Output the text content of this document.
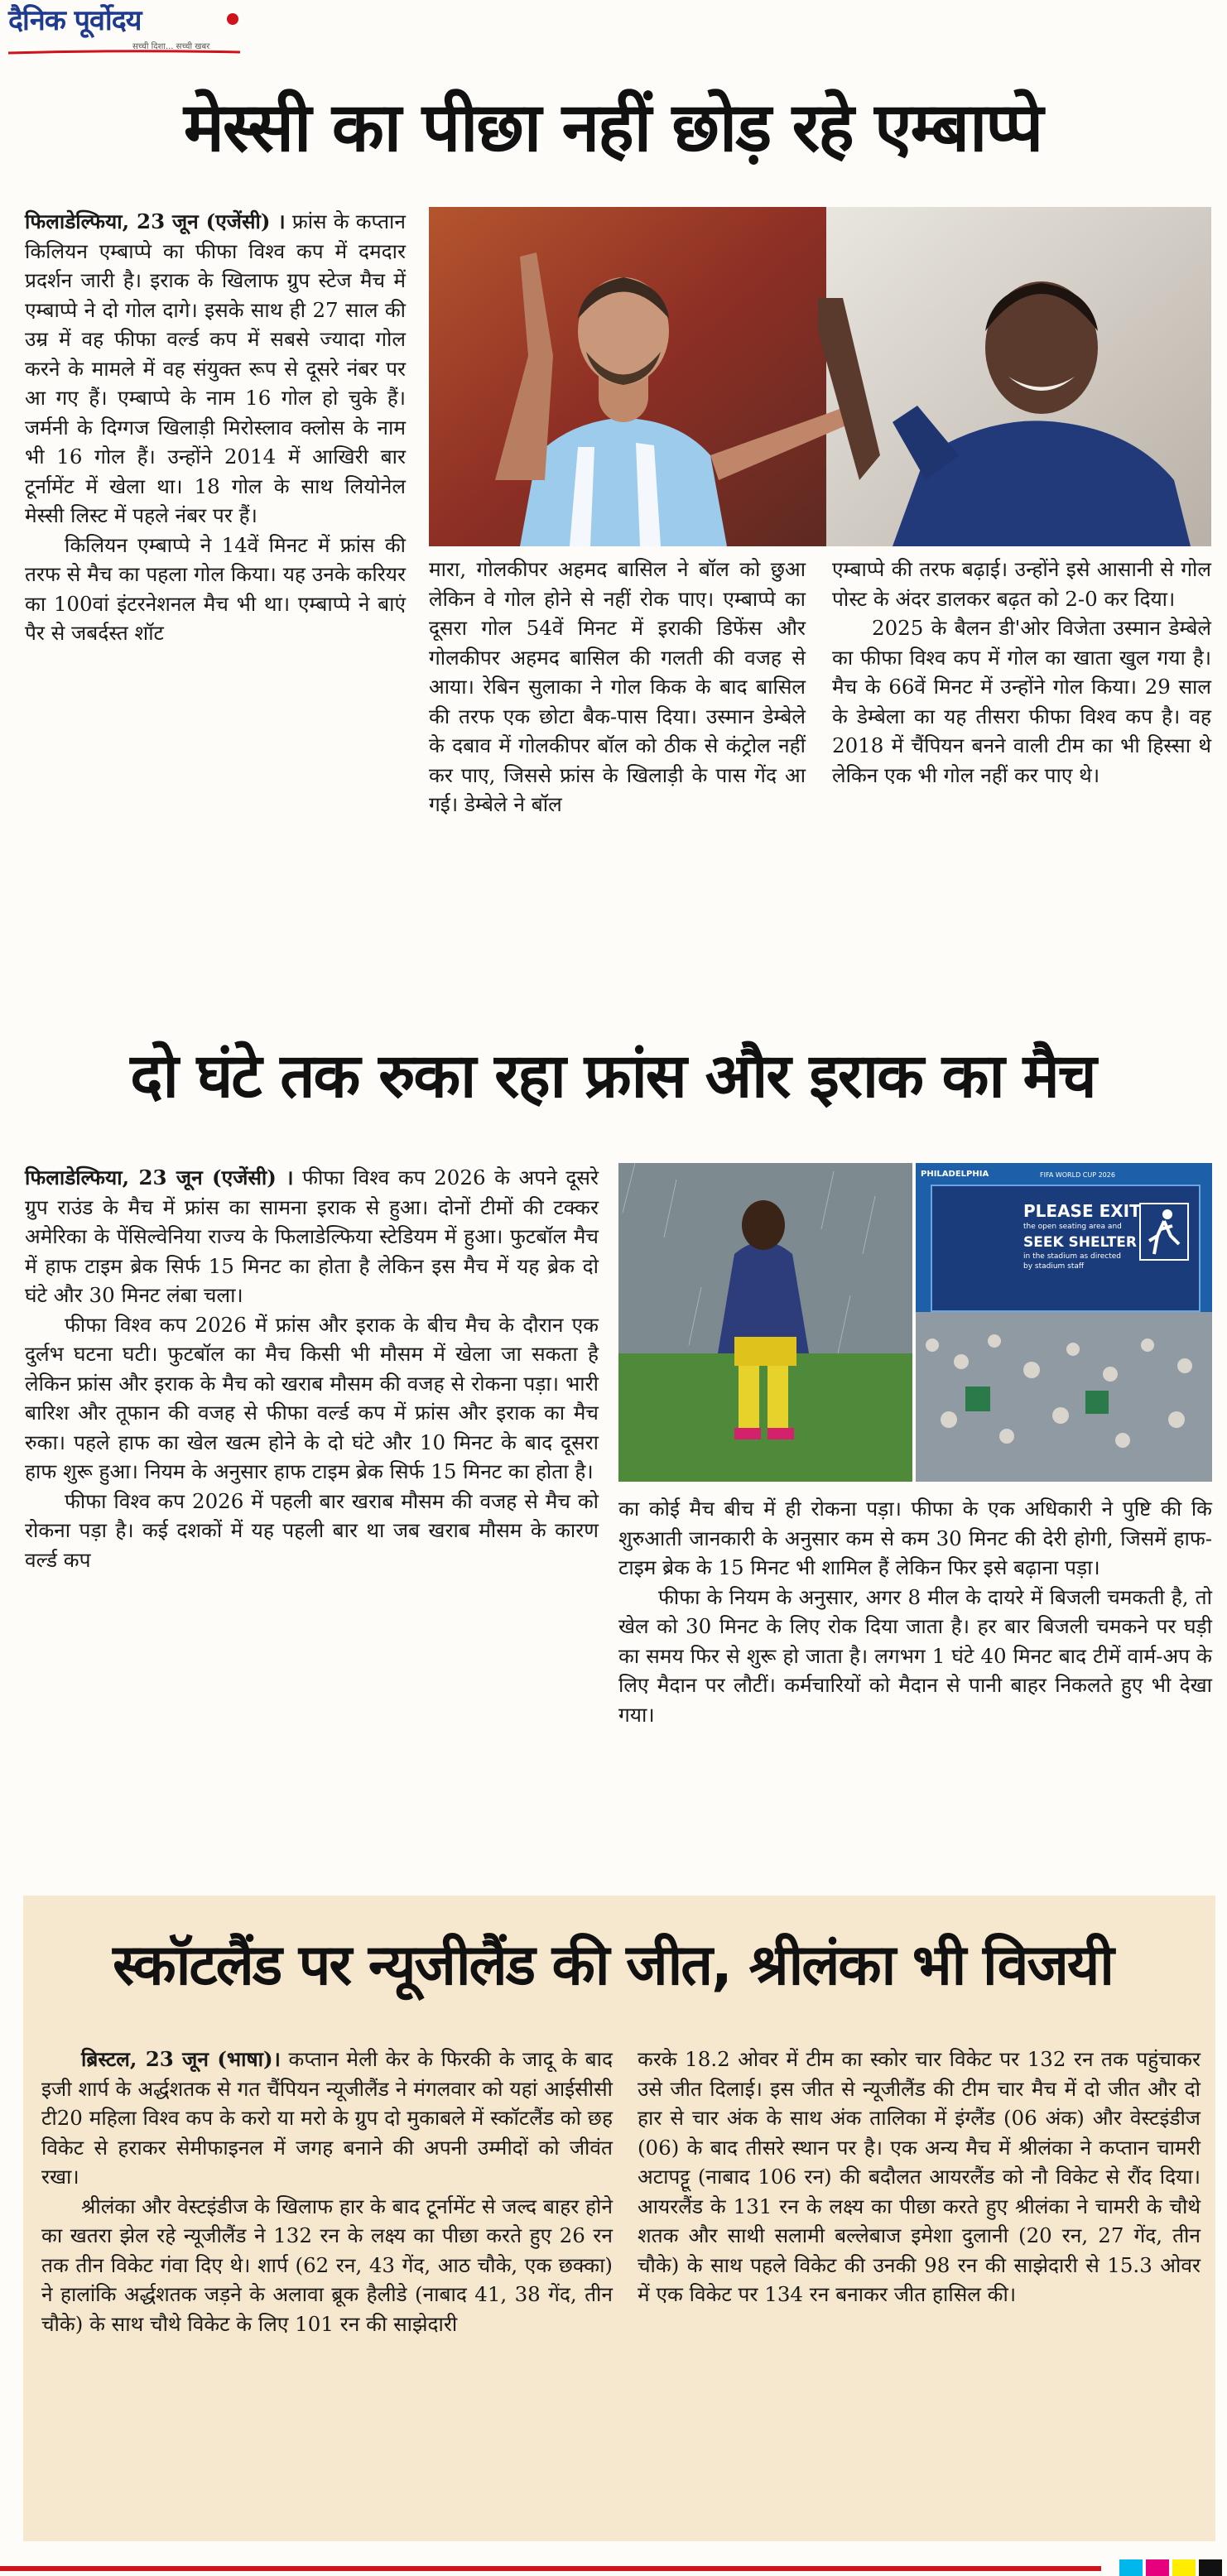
दैनिक पूर्वोदय
सच्ची दिशा... सच्ची खबर
मेस्सी का पीछा नहीं छोड़ रहे एम्बाप्पे

फिलाडेल्फिया, 23 जून (एजेंसी) । फ्रांस के कप्तान किलियन एम्बाप्पे का फीफा विश्व कप में दमदार प्रदर्शन जारी है। इराक के खिलाफ ग्रुप स्टेज मैच में एम्बाप्पे ने दो गोल दागे। इसके साथ ही 27 साल की उम्र में वह फीफा वर्ल्ड कप में सबसे ज्यादा गोल करने के मामले में वह संयुक्त रूप से दूसरे नंबर पर आ गए हैं। एम्बाप्पे के नाम 16 गोल हो चुके हैं। जर्मनी के दिग्गज खिलाड़ी मिरोस्लाव क्लोस के नाम भी 16 गोल हैं। उन्होंने 2014 में आखिरी बार टूर्नामेंट में खेला था। 18 गोल के साथ लियोनेल मेस्सी लिस्ट में पहले नंबर पर हैं।

किलियन एम्बाप्पे ने 14वें मिनट में फ्रांस की तरफ से मैच का पहला गोल किया। यह उनके करियर का 100वां इंटरनेशनल मैच भी था। एम्बाप्पे ने बाएं पैर से जबर्दस्त शॉट

मारा, गोलकीपर अहमद बासिल ने बॉल को छुआ लेकिन वे गोल होने से नहीं रोक पाए। एम्बाप्पे का दूसरा गोल 54वें मिनट में इराकी डिफेंस और गोलकीपर अहमद बासिल की गलती की वजह से आया। रेबिन सुलाका ने गोल किक के बाद बासिल की तरफ एक छोटा बैक-पास दिया। उस्मान डेम्बेले के दबाव में गोलकीपर बॉल को ठीक से कंट्रोल नहीं कर पाए, जिससे फ्रांस के खिलाड़ी के पास गेंद आ गई। डेम्बेले ने बॉल

एम्बाप्पे की तरफ बढ़ाई। उन्होंने इसे आसानी से गोल पोस्ट के अंदर डालकर बढ़त को 2-0 कर दिया।

2025 के बैलन डी'ओर विजेता उस्मान डेम्बेले का फीफा विश्व कप में गोल का खाता खुल गया है। मैच के 66वें मिनट में उन्होंने गोल किया। 29 साल के डेम्बेला का यह तीसरा फीफा विश्व कप है। वह 2018 में चैंपियन बनने वाली टीम का भी हिस्सा थे लेकिन एक भी गोल नहीं कर पाए थे।

दो घंटे तक रुका रहा फ्रांस और इराक का मैच

फिलाडेल्फिया, 23 जून (एजेंसी) । फीफा विश्व कप 2026 के अपने दूसरे ग्रुप राउंड के मैच में फ्रांस का सामना इराक से हुआ। दोनों टीमों की टक्कर अमेरिका के पेंसिल्वेनिया राज्य के फिलाडेल्फिया स्टेडियम में हुआ। फुटबॉल मैच में हाफ टाइम ब्रेक सिर्फ 15 मिनट का होता है लेकिन इस मैच में यह ब्रेक दो घंटे और 30 मिनट लंबा चला।

फीफा विश्व कप 2026 में फ्रांस और इराक के बीच मैच के दौरान एक दुर्लभ घटना घटी। फुटबॉल का मैच किसी भी मौसम में खेला जा सकता है लेकिन फ्रांस और इराक के मैच को खराब मौसम की वजह से रोकना पड़ा। भारी बारिश और तूफान की वजह से फीफा वर्ल्ड कप में फ्रांस और इराक का मैच रुका। पहले हाफ का खेल खत्म होने के दो घंटे और 10 मिनट के बाद दूसरा हाफ शुरू हुआ। नियम के अनुसार हाफ टाइम ब्रेक सिर्फ 15 मिनट का होता है।

फीफा विश्व कप 2026 में पहली बार खराब मौसम की वजह से मैच को रोकना पड़ा है। कई दशकों में यह पहली बार था जब खराब मौसम के कारण वर्ल्ड कप

PHILADELPHIA	FIFA WORLD CUP 2026
PLEASE EXIT
the open seating area and
SEEK SHELTER
in the stadium as directed
by stadium staff

का कोई मैच बीच में ही रोकना पड़ा। फीफा के एक अधिकारी ने पुष्टि की कि शुरुआती जानकारी के अनुसार कम से कम 30 मिनट की देरी होगी, जिसमें हाफ-टाइम ब्रेक के 15 मिनट भी शामिल हैं लेकिन फिर इसे बढ़ाना पड़ा।

फीफा के नियम के अनुसार, अगर 8 मील के दायरे में बिजली चमकती है, तो खेल को 30 मिनट के लिए रोक दिया जाता है। हर बार बिजली चमकने पर घड़ी का समय फिर से शुरू हो जाता है। लगभग 1 घंटे 40 मिनट बाद टीमें वार्म-अप के लिए मैदान पर लौटीं। कर्मचारियों को मैदान से पानी बाहर निकलते हुए भी देखा गया।

स्कॉटलैंड पर न्यूजीलैंड की जीत, श्रीलंका भी विजयी

ब्रिस्टल, 23 जून (भाषा)। कप्तान मेली केर के फिरकी के जादू के बाद इजी शार्प के अर्द्धशतक से गत चैंपियन न्यूजीलैंड ने मंगलवार को यहां आईसीसी टी20 महिला विश्व कप के करो या मरो के ग्रुप दो मुकाबले में स्कॉटलैंड को छह विकेट से हराकर सेमीफाइनल में जगह बनाने की अपनी उम्मीदों को जीवंत रखा।

श्रीलंका और वेस्टइंडीज के खिलाफ हार के बाद टूर्नामेंट से जल्द बाहर होने का खतरा झेल रहे न्यूजीलैंड ने 132 रन के लक्ष्य का पीछा करते हुए 26 रन तक तीन विकेट गंवा दिए थे। शार्प (62 रन, 43 गेंद, आठ चौके, एक छक्का) ने हालांकि अर्द्धशतक जड़ने के अलावा ब्रूक हैलीडे (नाबाद 41, 38 गेंद, तीन चौके) के साथ चौथे विकेट के लिए 101 रन की साझेदारी

करके 18.2 ओवर में टीम का स्कोर चार विकेट पर 132 रन तक पहुंचाकर उसे जीत दिलाई। इस जीत से न्यूजीलैंड की टीम चार मैच में दो जीत और दो हार से चार अंक के साथ अंक तालिका में इंग्लैंड (06 अंक) और वेस्टइंडीज (06) के बाद तीसरे स्थान पर है। एक अन्य मैच में श्रीलंका ने कप्तान चामरी अटापट्टू (नाबाद 106 रन) की बदौलत आयरलैंड को नौ विकेट से रौंद दिया। आयरलैंड के 131 रन के लक्ष्य का पीछा करते हुए श्रीलंका ने चामरी के चौथे शतक और साथी सलामी बल्लेबाज इमेशा दुलानी (20 रन, 27 गेंद, तीन चौके) के साथ पहले विकेट की उनकी 98 रन की साझेदारी से 15.3 ओवर में एक विकेट पर 134 रन बनाकर जीत हासिल की।
